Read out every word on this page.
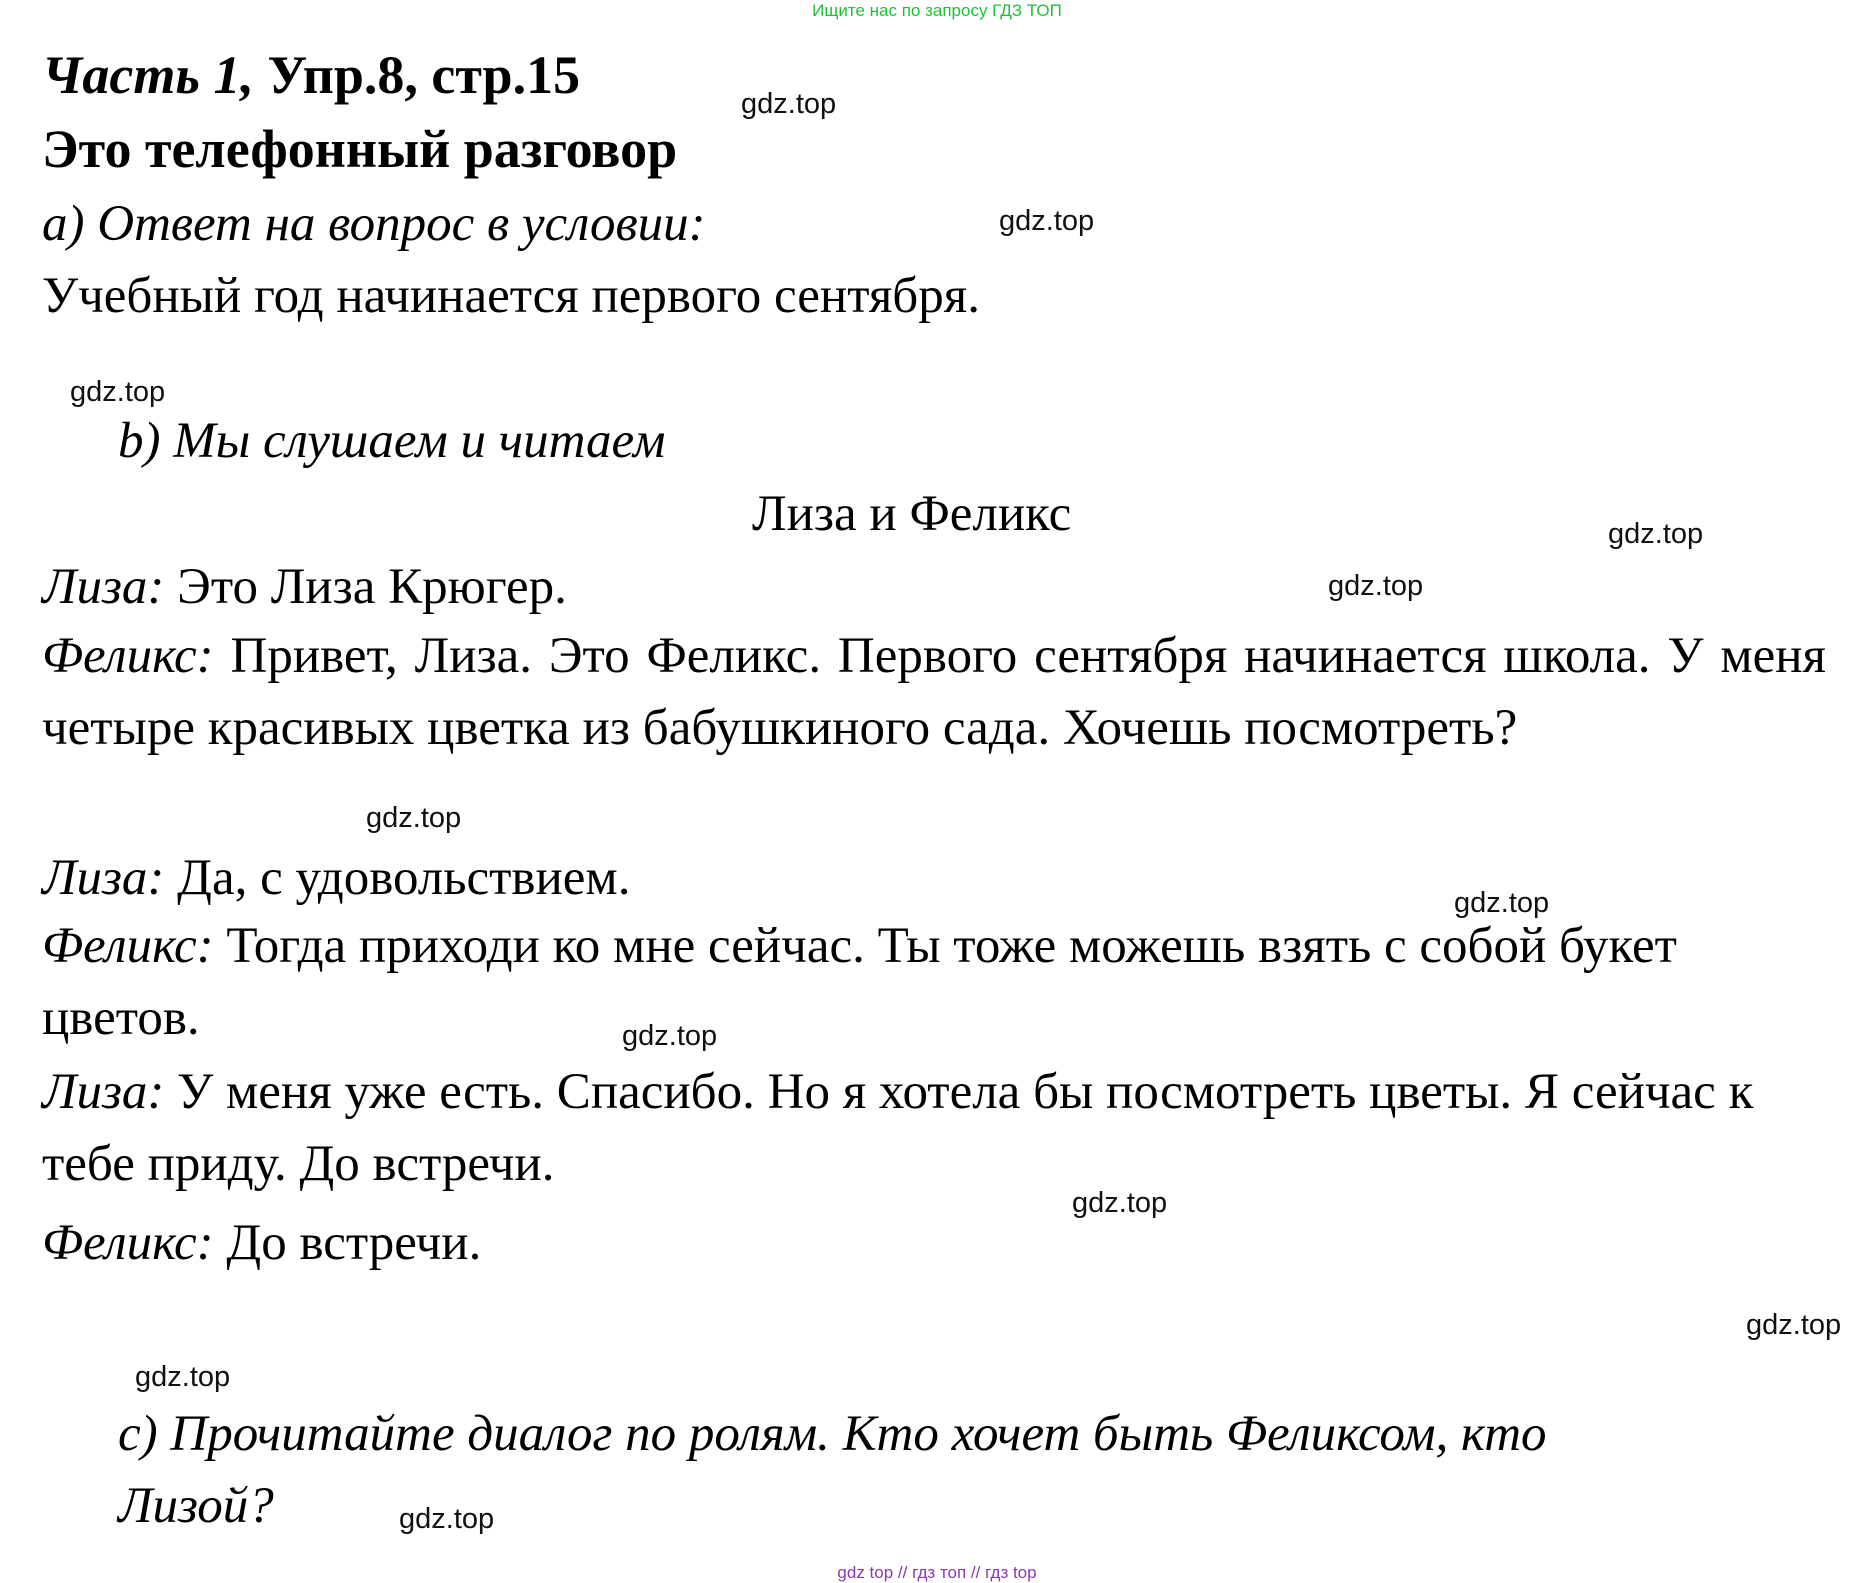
Ищите нас по запросу ГДЗ ТОП
gdz top // гдз топ // гдз top
Часть 1, Упр.8, стр.15
Это телефонный разговор
a) Ответ на вопрос в условии:
Учебный год начинается первого сентября.
b) Мы слушаем и читаем
Лиза и Феликс
Лиза: Это Лиза Крюгер.

Феликс: Привет, Лиза. Это Феликс. Первого сентября начинается школа. У меня четыре красивых цветка из бабушкиного сада. Хочешь посмотреть?

Лиза: Да, с удовольствием.

Феликс: Тогда приходи ко мне сейчас. Ты тоже можешь взять с собой букет цветов.

Лиза: У меня уже есть. Спасибо. Но я хотела бы посмотреть цветы. Я сейчас к тебе приду. До встречи.

Феликс: До встречи.
c) Прочитайте диалог по ролям. Кто хочет быть Феликсом, кто
Лизой?
gdz.top
gdz.top
gdz.top
gdz.top
gdz.top
gdz.top
gdz.top
gdz.top
gdz.top
gdz.top
gdz.top
gdz.top
